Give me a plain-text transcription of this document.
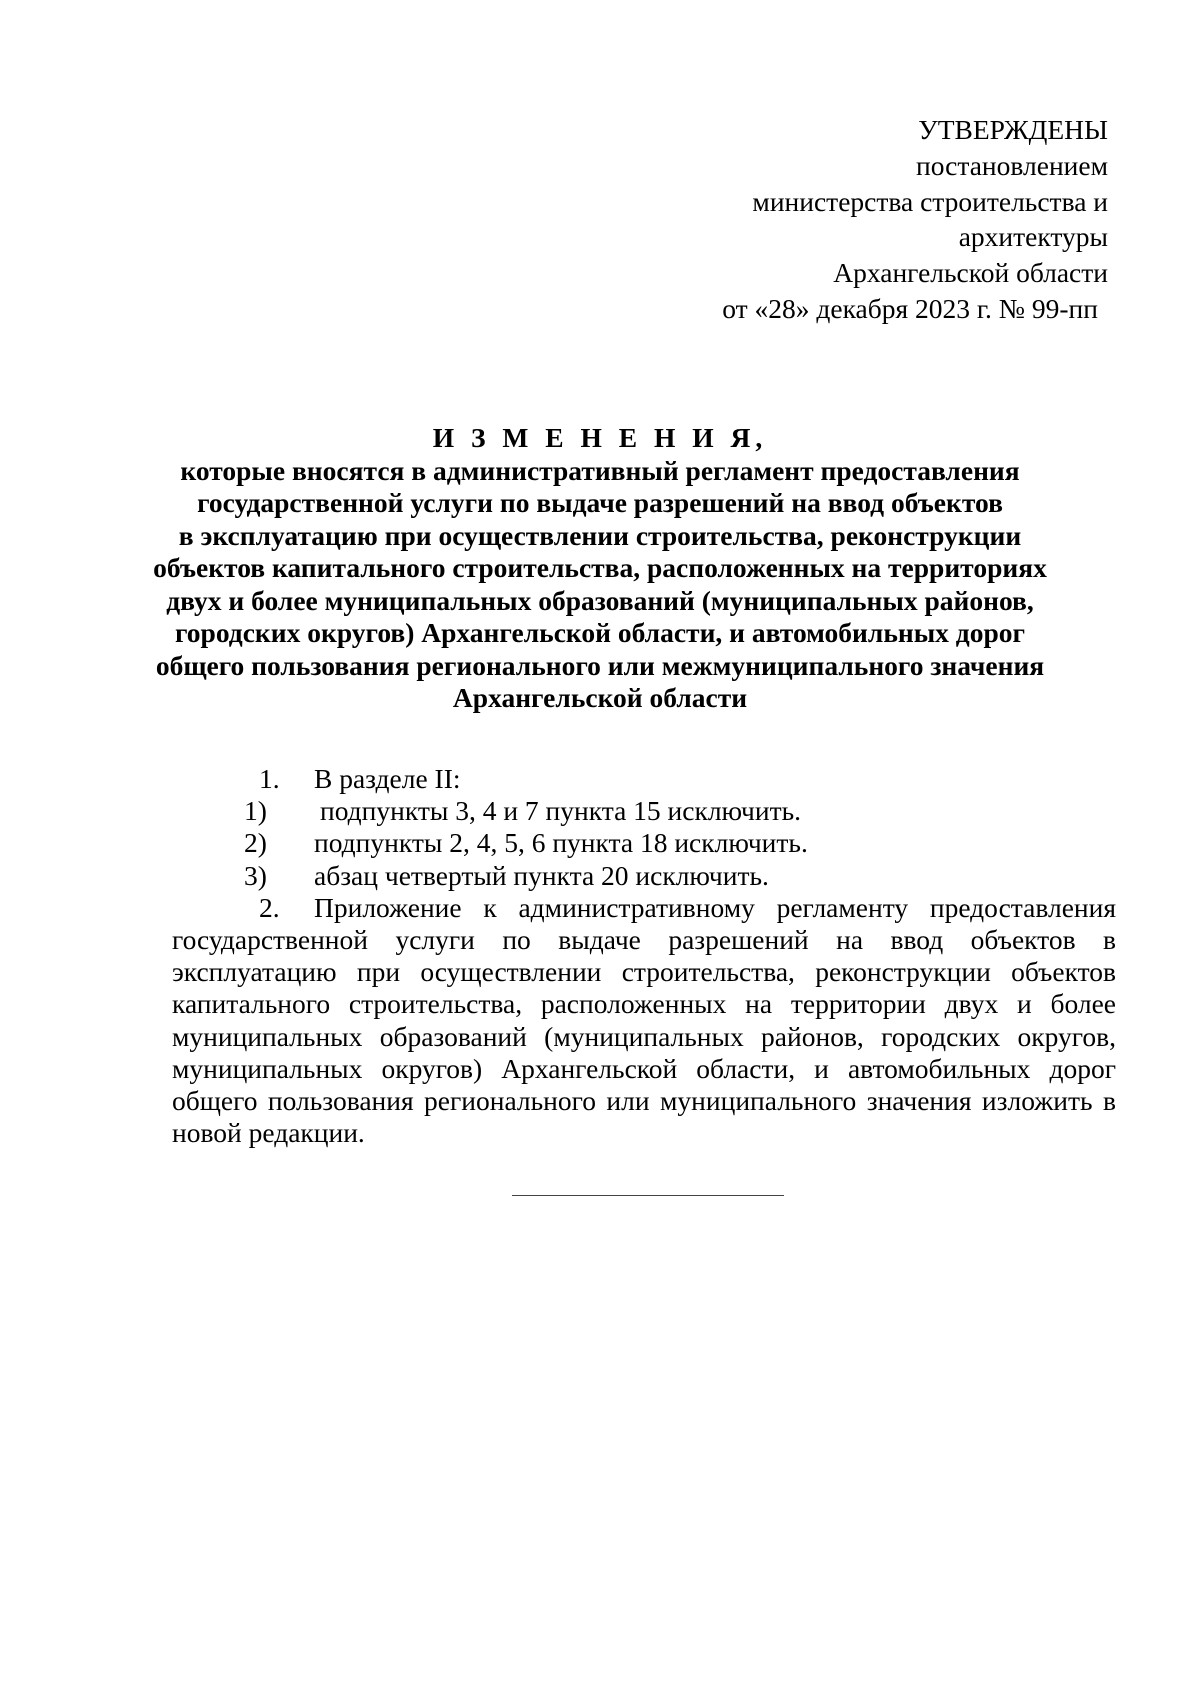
УТВЕРЖДЕНЫ
постановлением
министерства строительства и
архитектуры
Архангельской области
от «28» декабря 2023 г. № 99-пп
И З М Е Н Е Н И Я,
которые вносятся в административный регламент предоставления
государственной услуги по выдаче разрешений на ввод объектов
в эксплуатацию при осуществлении строительства, реконструкции
объектов капитального строительства, расположенных на территориях
двух и более муниципальных образований (муниципальных районов,
городских округов) Архангельской области, и автомобильных дорог
общего пользования регионального или межмуниципального значения
Архангельской области
1. В разделе II:
1) подпункты 3, 4 и 7 пункта 15 исключить.
2) подпункты 2, 4, 5, 6 пункта 18 исключить.
3) абзац четвертый пункта 20 исключить.
2.	Приложение к административному регламенту предоставления государственной услуги по выдаче разрешений на ввод объектов в эксплуатацию при осуществлении строительства, реконструкции объектов капитального строительства, расположенных на территории двух и более муниципальных образований (муниципальных районов, городских округов, муниципальных округов) Архангельской области, и автомобильных дорог общего пользования регионального или муниципального значения изложить в новой редакции.
